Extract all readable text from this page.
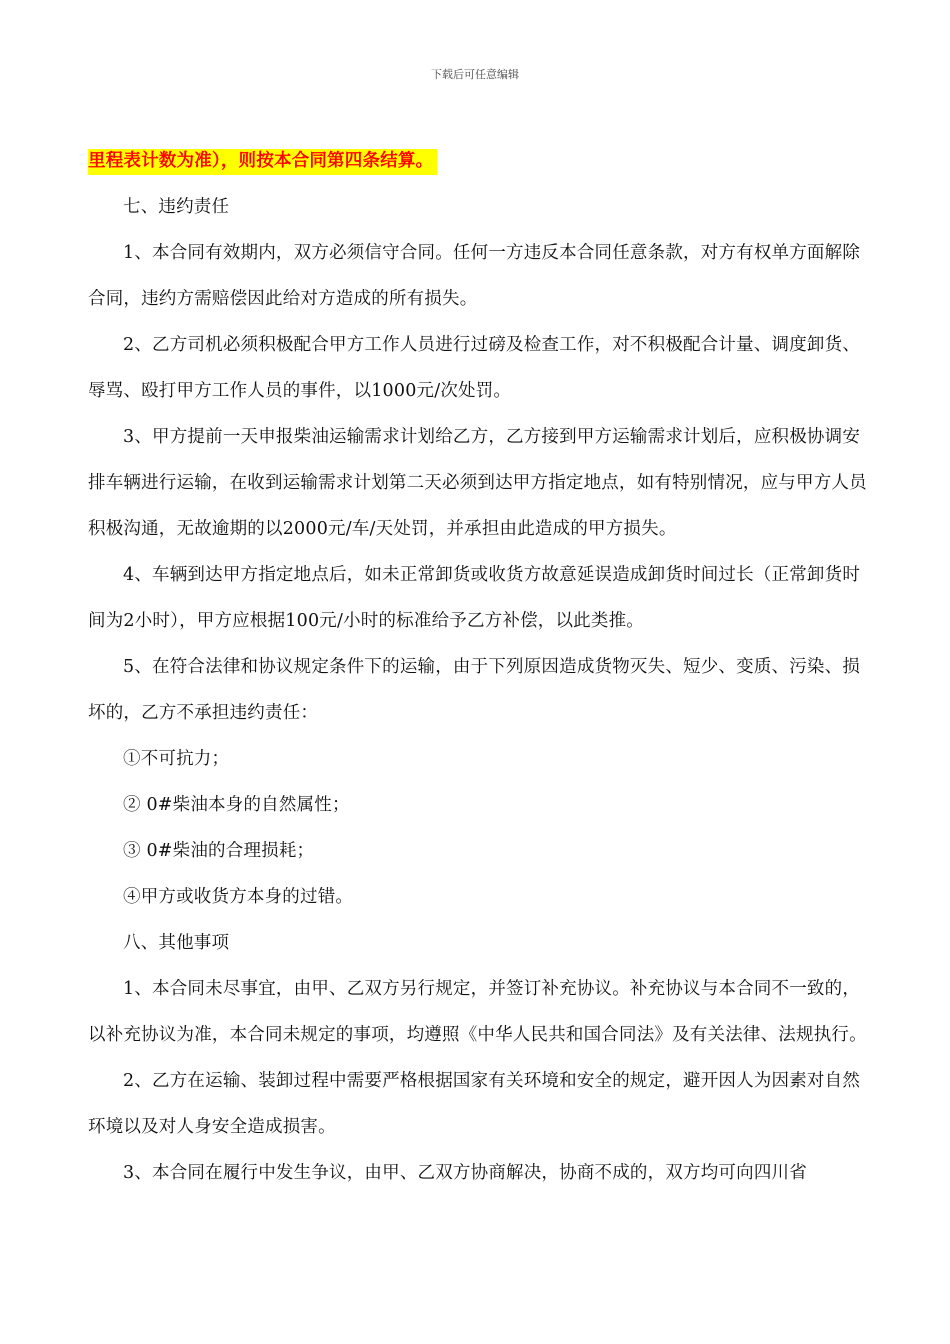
下载后可任意编辑

里程表计数为准），则按本合同第四条结算。

七、违约责任

1、本合同有效期内，双方必须信守合同。任何一方违反本合同任意条款，对方有权单方面解除合同，违约方需赔偿因此给对方造成的所有损失。

2、乙方司机必须积极配合甲方工作人员进行过磅及检查工作，对不积极配合计量、调度卸货、辱骂、殴打甲方工作人员的事件，以1000元/次处罚。

3、甲方提前一天申报柴油运输需求计划给乙方，乙方接到甲方运输需求计划后，应积极协调安排车辆进行运输，在收到运输需求计划第二天必须到达甲方指定地点，如有特别情况，应与甲方人员积极沟通，无故逾期的以2000元/车/天处罚，并承担由此造成的甲方损失。

4、车辆到达甲方指定地点后，如未正常卸货或收货方故意延误造成卸货时间过长（正常卸货时间为2小时），甲方应根据100元/小时的标准给予乙方补偿，以此类推。

5、在符合法律和协议规定条件下的运输，由于下列原因造成货物灭失、短少、变质、污染、损坏的，乙方不承担违约责任：

①不可抗力；

② 0#柴油本身的自然属性；

③ 0#柴油的合理损耗；

④甲方或收货方本身的过错。

八、其他事项

1、本合同未尽事宜，由甲、乙双方另行规定，并签订补充协议。补充协议与本合同不一致的，以补充协议为准，本合同未规定的事项，均遵照《中华人民共和国合同法》及有关法律、法规执行。

2、乙方在运输、装卸过程中需要严格根据国家有关环境和安全的规定，避开因人为因素对自然环境以及对人身安全造成损害。

3、本合同在履行中发生争议，由甲、乙双方协商解决，协商不成的，双方均可向四川省
